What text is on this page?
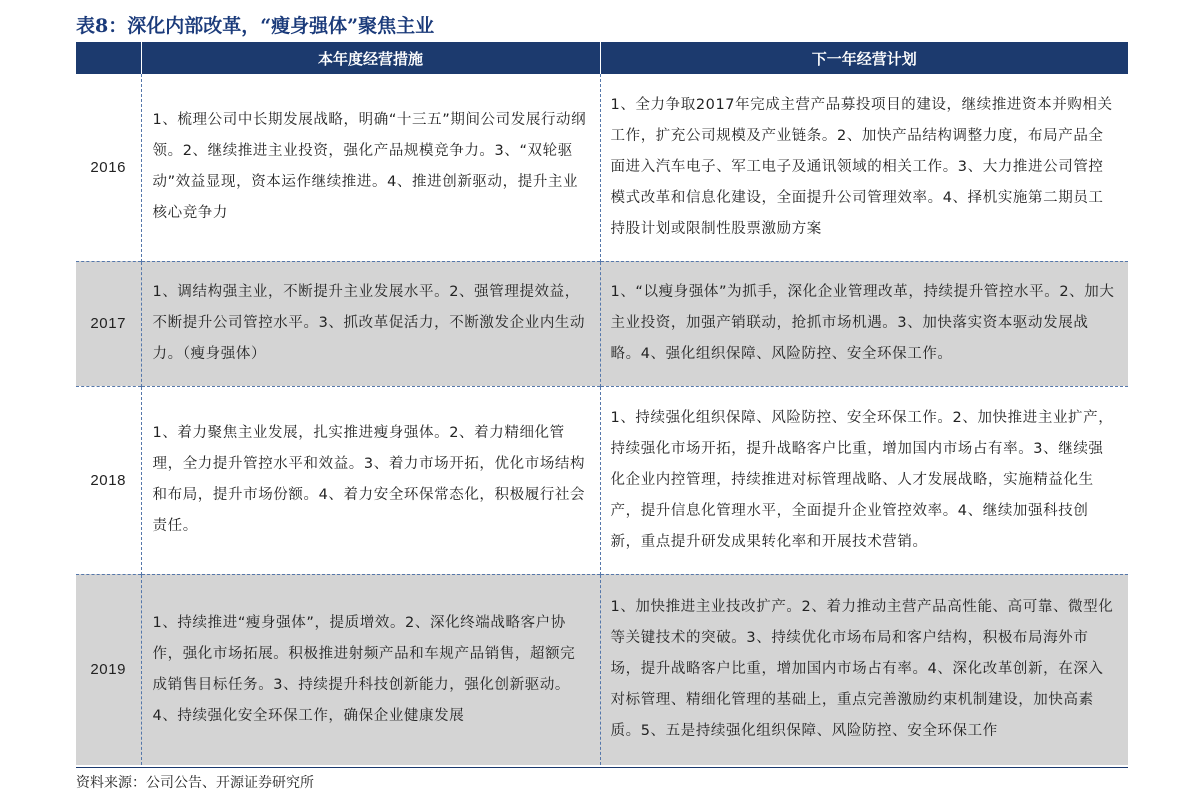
表8：深化内部改革，“瘦身强体”聚焦主业
	本年度经营措施	下一年经营计划
2016	1、梳理公司中长期发展战略，明确“十三五”期间公司发展行动纲领。2、继续推进主业投资，强化产品规模竞争力。3、“双轮驱动”效益显现，资本运作继续推进。4、推进创新驱动，提升主业核心竞争力	1、全力争取2017年完成主营产品募投项目的建设，继续推进资本并购相关工作，扩充公司规模及产业链条。2、加快产品结构调整力度，布局产品全面进入汽车电子、军工电子及通讯领域的相关工作。3、大力推进公司管控模式改革和信息化建设，全面提升公司管理效率。4、择机实施第二期员工持股计划或限制性股票激励方案
2017	1、调结构强主业，不断提升主业发展水平。2、强管理提效益，不断提升公司管控水平。3、抓改革促活力，不断激发企业内生动力。（瘦身强体）	1、“以瘦身强体”为抓手，深化企业管理改革，持续提升管控水平。2、加大主业投资，加强产销联动，抢抓市场机遇。3、加快落实资本驱动发展战略。4、强化组织保障、风险防控、安全环保工作。
2018	1、着力聚焦主业发展，扎实推进瘦身强体。2、着力精细化管理，全力提升管控水平和效益。3、着力市场开拓，优化市场结构和布局，提升市场份额。4、着力安全环保常态化，积极履行社会责任。	1、持续强化组织保障、风险防控、安全环保工作。2、加快推进主业扩产，持续强化市场开拓，提升战略客户比重，增加国内市场占有率。3、继续强化企业内控管理，持续推进对标管理战略、人才发展战略，实施精益化生产，提升信息化管理水平，全面提升企业管控效率。4、继续加强科技创新，重点提升研发成果转化率和开展技术营销。
2019	1、持续推进“瘦身强体”，提质增效。2、深化终端战略客户协作，强化市场拓展。积极推进射频产品和车规产品销售，超额完成销售目标任务。3、持续提升科技创新能力，强化创新驱动。4、持续强化安全环保工作，确保企业健康发展	1、加快推进主业技改扩产。2、着力推动主营产品高性能、高可靠、微型化等关键技术的突破。3、持续优化市场布局和客户结构，积极布局海外市场，提升战略客户比重，增加国内市场占有率。4、深化改革创新，在深入对标管理、精细化管理的基础上，重点完善激励约束机制建设，加快高素质。5、五是持续强化组织保障、风险防控、安全环保工作
资料来源：公司公告、开源证券研究所
